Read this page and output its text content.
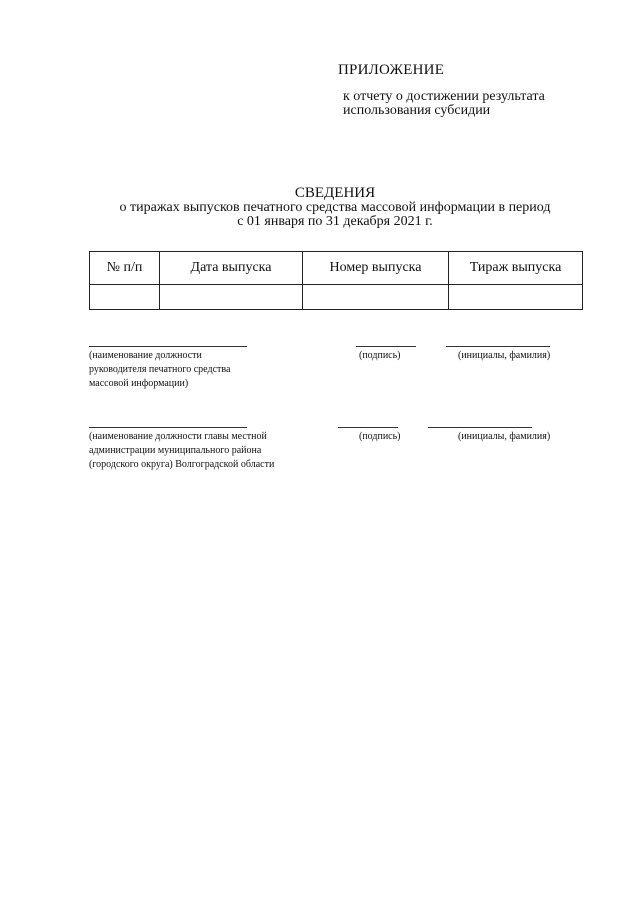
ПРИЛОЖЕНИЕ
к отчету о достижении результата
использования субсидии
СВЕДЕНИЯ
о тиражах выпусков печатного средства массовой информации в период
с 01 января по 31 декабря 2021 г.
№ п/п	Дата выпуска	Номер выпуска	Тираж выпуска

(наименование должности
руководителя печатного средства
массовой информации)
(подпись)	(инициалы, фамилия)
(наименование должности главы местной
администрации муниципального района
(городского округа) Волгоградской области
(подпись)	(инициалы, фамилия)
